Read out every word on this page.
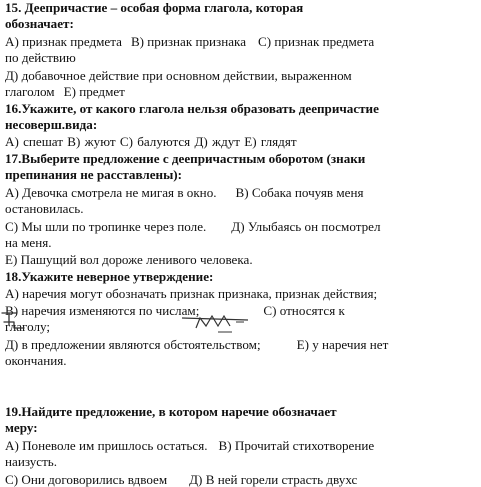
15. Деепричастие – особая форма глагола, которая
обозначает:
А) признак предмета В) признак признака С) признак предмета
по действию
Д) добавочное действие при основном действии, выраженном
глаголом Е) предмет
16.Укажите, от какого глагола нельзя образовать деепричастие
несоверш.вида:
А) спешат В) жуют С) балуются Д) ждут Е) глядят
17.Выберите предложение с деепричастным оборотом (знаки
препинания не расставлены):
А) Девочка смотрела не мигая в окно. В) Собака почуяв меня
остановилась.
С) Мы шли по тропинке через поле. Д) Улыбаясь он посмотрел
на меня.
Е) Пашущий вол дороже ленивого человека.
18.Укажите неверное утверждение:
А) наречия могут обозначать признак признака, признак действия;
В) наречия изменяются по числам;	С) относятся к
глаголу;
Д) в предложении являются обстоятельством;	Е) у наречия нет
окончания.
19.Найдите предложение, в котором наречие обозначает
меру:
А) Поневоле им пришлось остаться. В) Прочитай стихотворение
наизусть.
С) Они договорились вдвоем Д) В ней горели страсть двухс
